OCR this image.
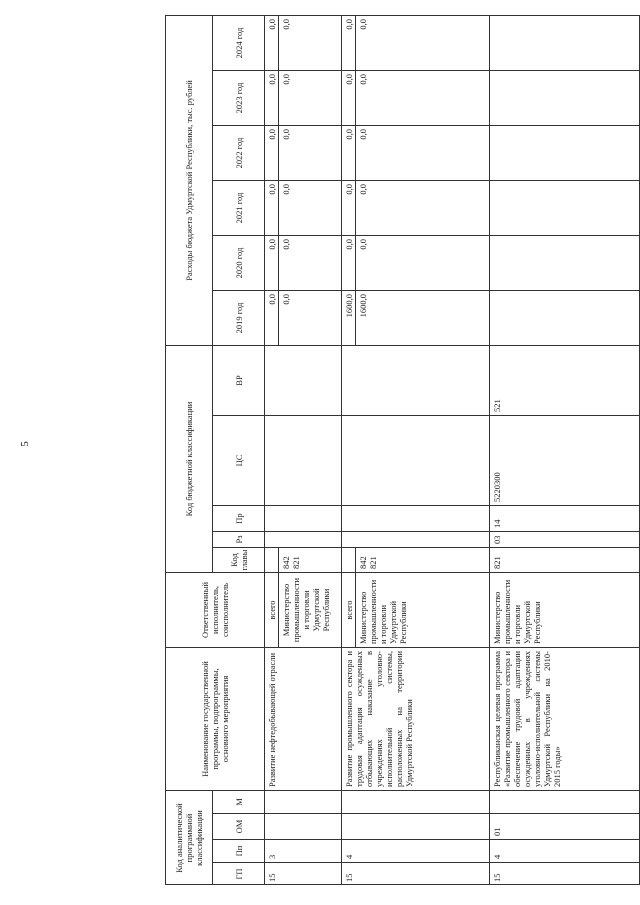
5
Код аналитической программной классификации
ГП
Пп
ОМ
М
Наименование государственной программы, подпрограммы, основного мероприятия
Ответственный исполнитель, соисполнитель
Код бюджетной классификации
Код главы
Рз
Пр
ЦС
ВР
Расходы бюджета Удмуртской Республики, тыс. рублей
2019 год
2020 год
2021 год
2022 год
2023 год
2024 год
15
3
Развитие нефтедобывающей отрасли
всего Министерство промышленности и торговли Удмуртской Республики
842
821
0,0
0,0
0,0
0,0
0,0
0,0
0,0
0,0
0,0
0,0
0,0
0,0
15
4
Развитие промышленного сектора и трудовая адаптация осужденных отбывающих наказание в учреждениях уголовно-исполнительной системы, расположенных на территории Удмуртской Республики
всего Министерство промышленности и торговли Удмуртской Республики
842
821
1600,0
0,0
0,0
0,0
0,0
0,0
1600,0
0,0
0,0
0,0
0,0
0,0
15
4
01
Республиканская целевая программа «Развитие промышленного сектора и обеспечение трудовой адаптации осужденных в учреждениях уголовно-исполнительной системы Удмуртской Республики на 2010-2015 годы»
Министерство промышленности и торговли Удмуртской Республики
821
03
14
5220300
521
